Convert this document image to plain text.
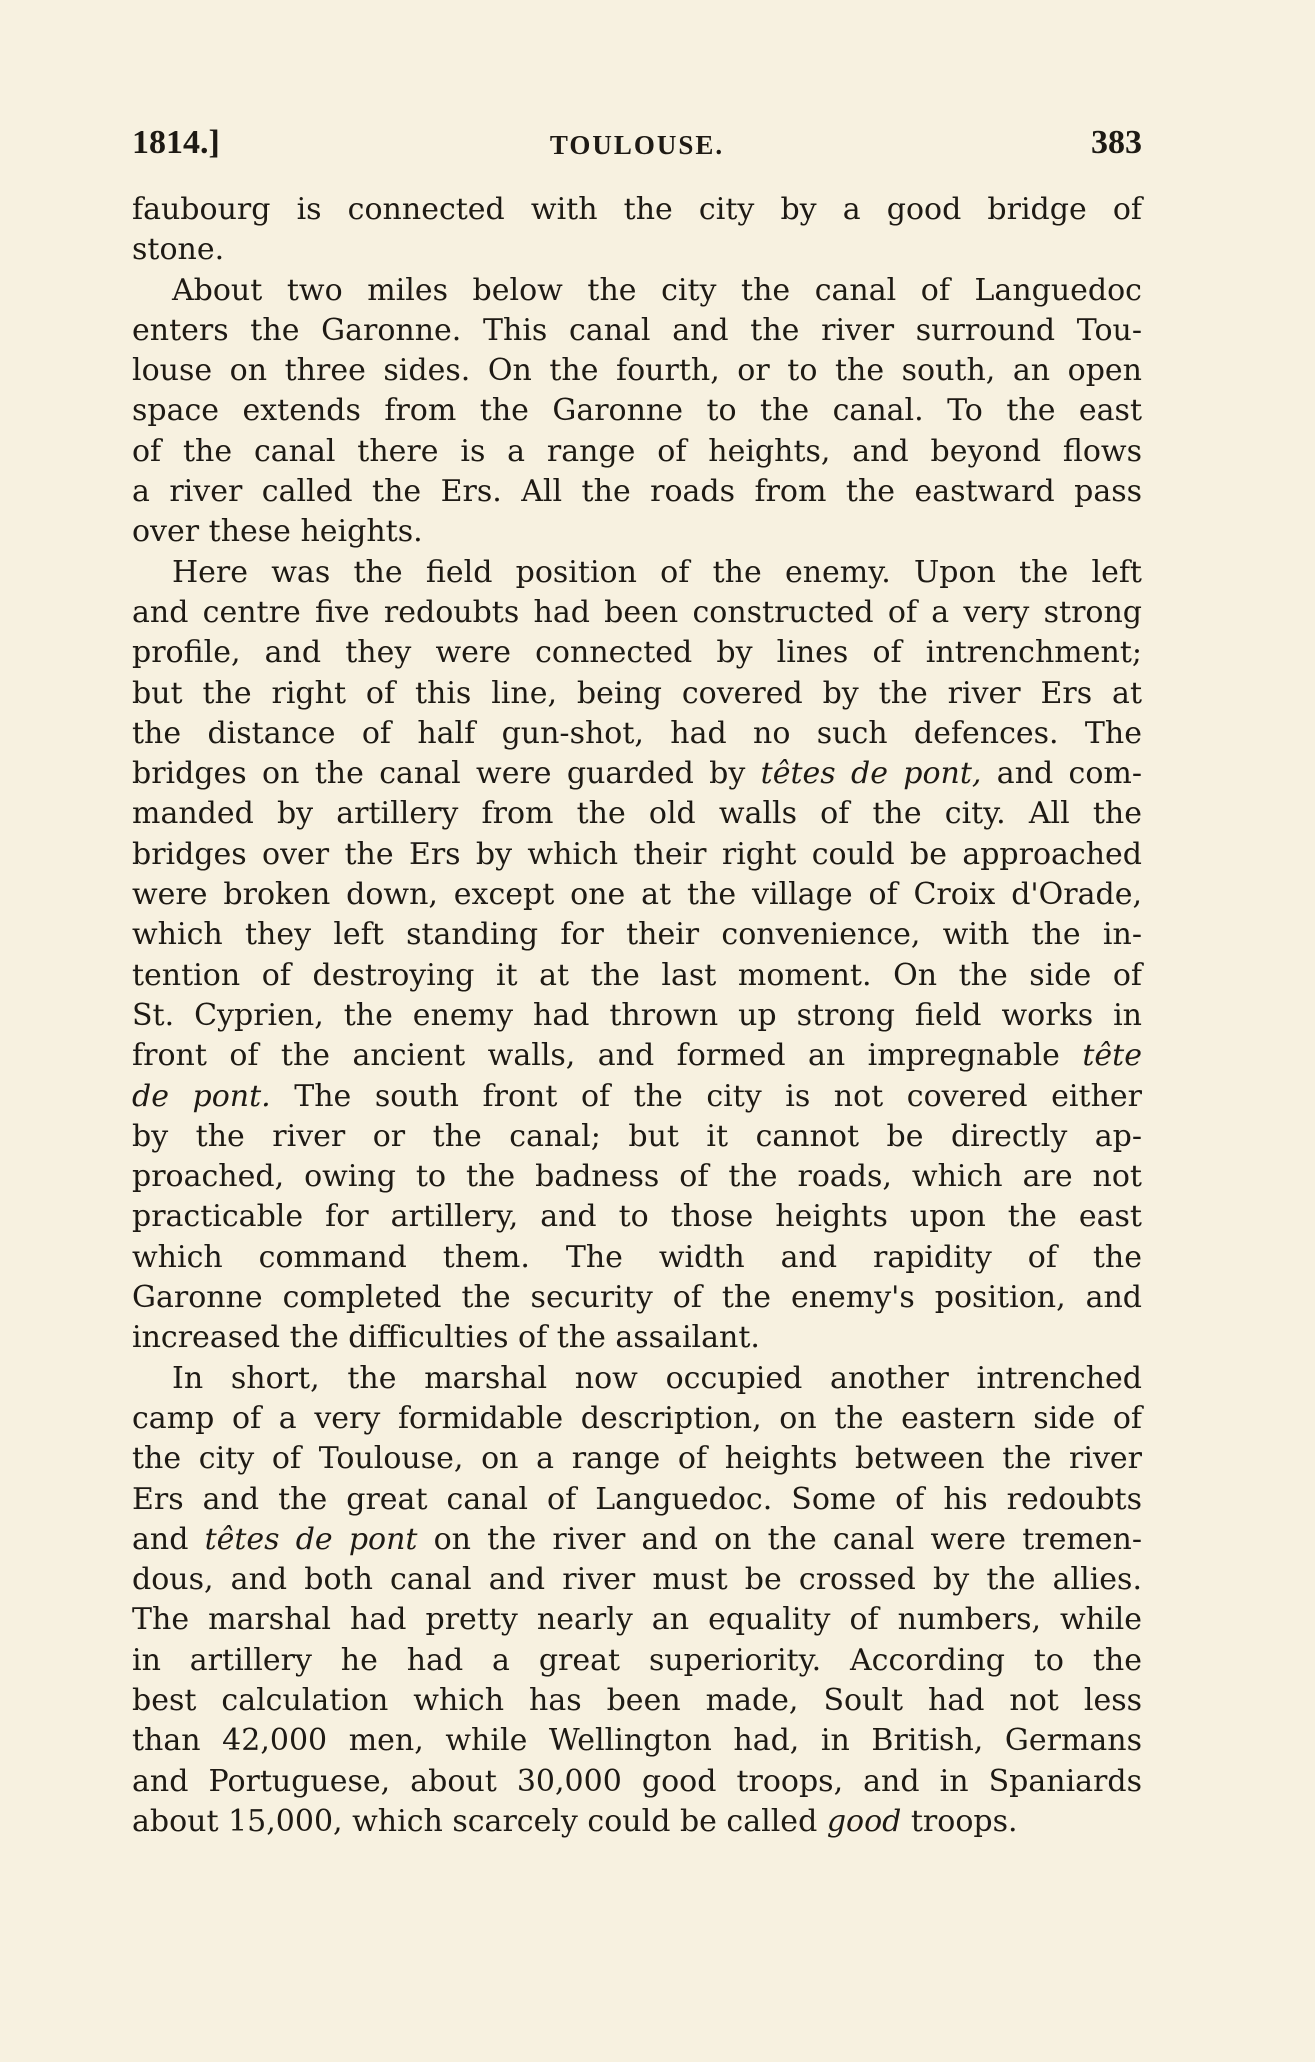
1814.]	TOULOUSE.	383
faubourg is connected with the city by a good bridge of
stone.
About two miles below the city the canal of Languedoc
enters the Garonne. This canal and the river surround Tou-
louse on three sides. On the fourth, or to the south, an open
space extends from the Garonne to the canal. To the east
of the canal there is a range of heights, and beyond flows
a river called the Ers. All the roads from the eastward pass
over these heights.
Here was the field position of the enemy. Upon the left
and centre five redoubts had been constructed of a very strong
profile, and they were connected by lines of intrenchment;
but the right of this line, being covered by the river Ers at
the distance of half gun-shot, had no such defences. The
bridges on the canal were guarded by têtes de pont, and com-
manded by artillery from the old walls of the city. All the
bridges over the Ers by which their right could be approached
were broken down, except one at the village of Croix d'Orade,
which they left standing for their convenience, with the in-
tention of destroying it at the last moment. On the side of
St. Cyprien, the enemy had thrown up strong field works in
front of the ancient walls, and formed an impregnable tête
de pont. The south front of the city is not covered either
by the river or the canal; but it cannot be directly ap-
proached, owing to the badness of the roads, which are not
practicable for artillery, and to those heights upon the east
which command them. The width and rapidity of the
Garonne completed the security of the enemy's position, and
increased the difficulties of the assailant.
In short, the marshal now occupied another intrenched
camp of a very formidable description, on the eastern side of
the city of Toulouse, on a range of heights between the river
Ers and the great canal of Languedoc. Some of his redoubts
and têtes de pont on the river and on the canal were tremen-
dous, and both canal and river must be crossed by the allies.
The marshal had pretty nearly an equality of numbers, while
in artillery he had a great superiority. According to the
best calculation which has been made, Soult had not less
than 42,000 men, while Wellington had, in British, Germans
and Portuguese, about 30,000 good troops, and in Spaniards
about 15,000, which scarcely could be called good troops.
